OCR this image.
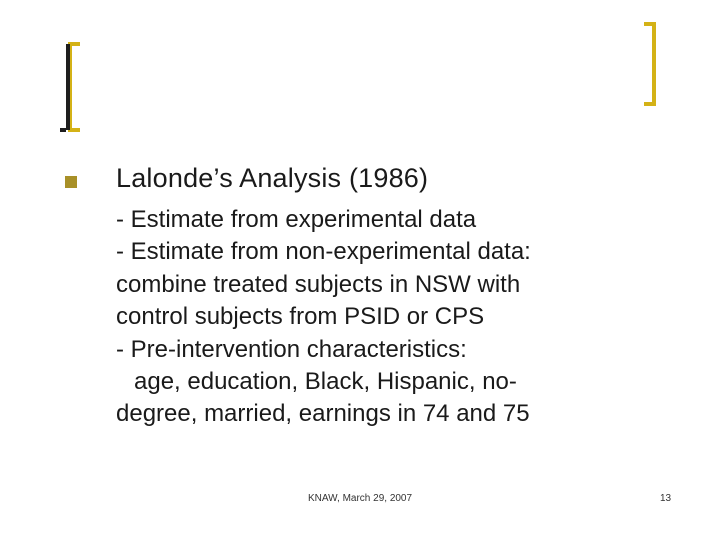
Lalonde’s Analysis (1986)
- Estimate from experimental data
- Estimate from non-experimental data:
combine treated subjects in NSW with
control subjects from PSID or CPS
- Pre-intervention characteristics:
age, education, Black, Hispanic, no-
degree, married, earnings in 74 and 75
KNAW, March 29, 2007	13
